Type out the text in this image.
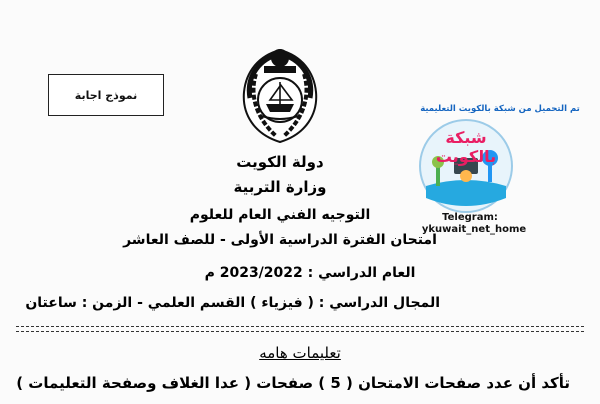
نموذج اجابة
تم التحميل من شبكة بالكويت التعليمية
شبكة بالكويت
Telegram:
ykuwait_net_home
دولة الكويت
وزارة التربية
التوجيه الفني العام للعلوم
امتحان الفترة الدراسية الأولى - للصف العاشر
العام الدراسي : 2023/2022 م
المجال الدراسي : ( فيزياء ) القسم العلمي - الزمن : ساعتان
تعليمات هامه
تأكد أن عدد صفحات الامتحان ( 5 ) صفحات ( عدا الغلاف وصفحة التعليمات )
